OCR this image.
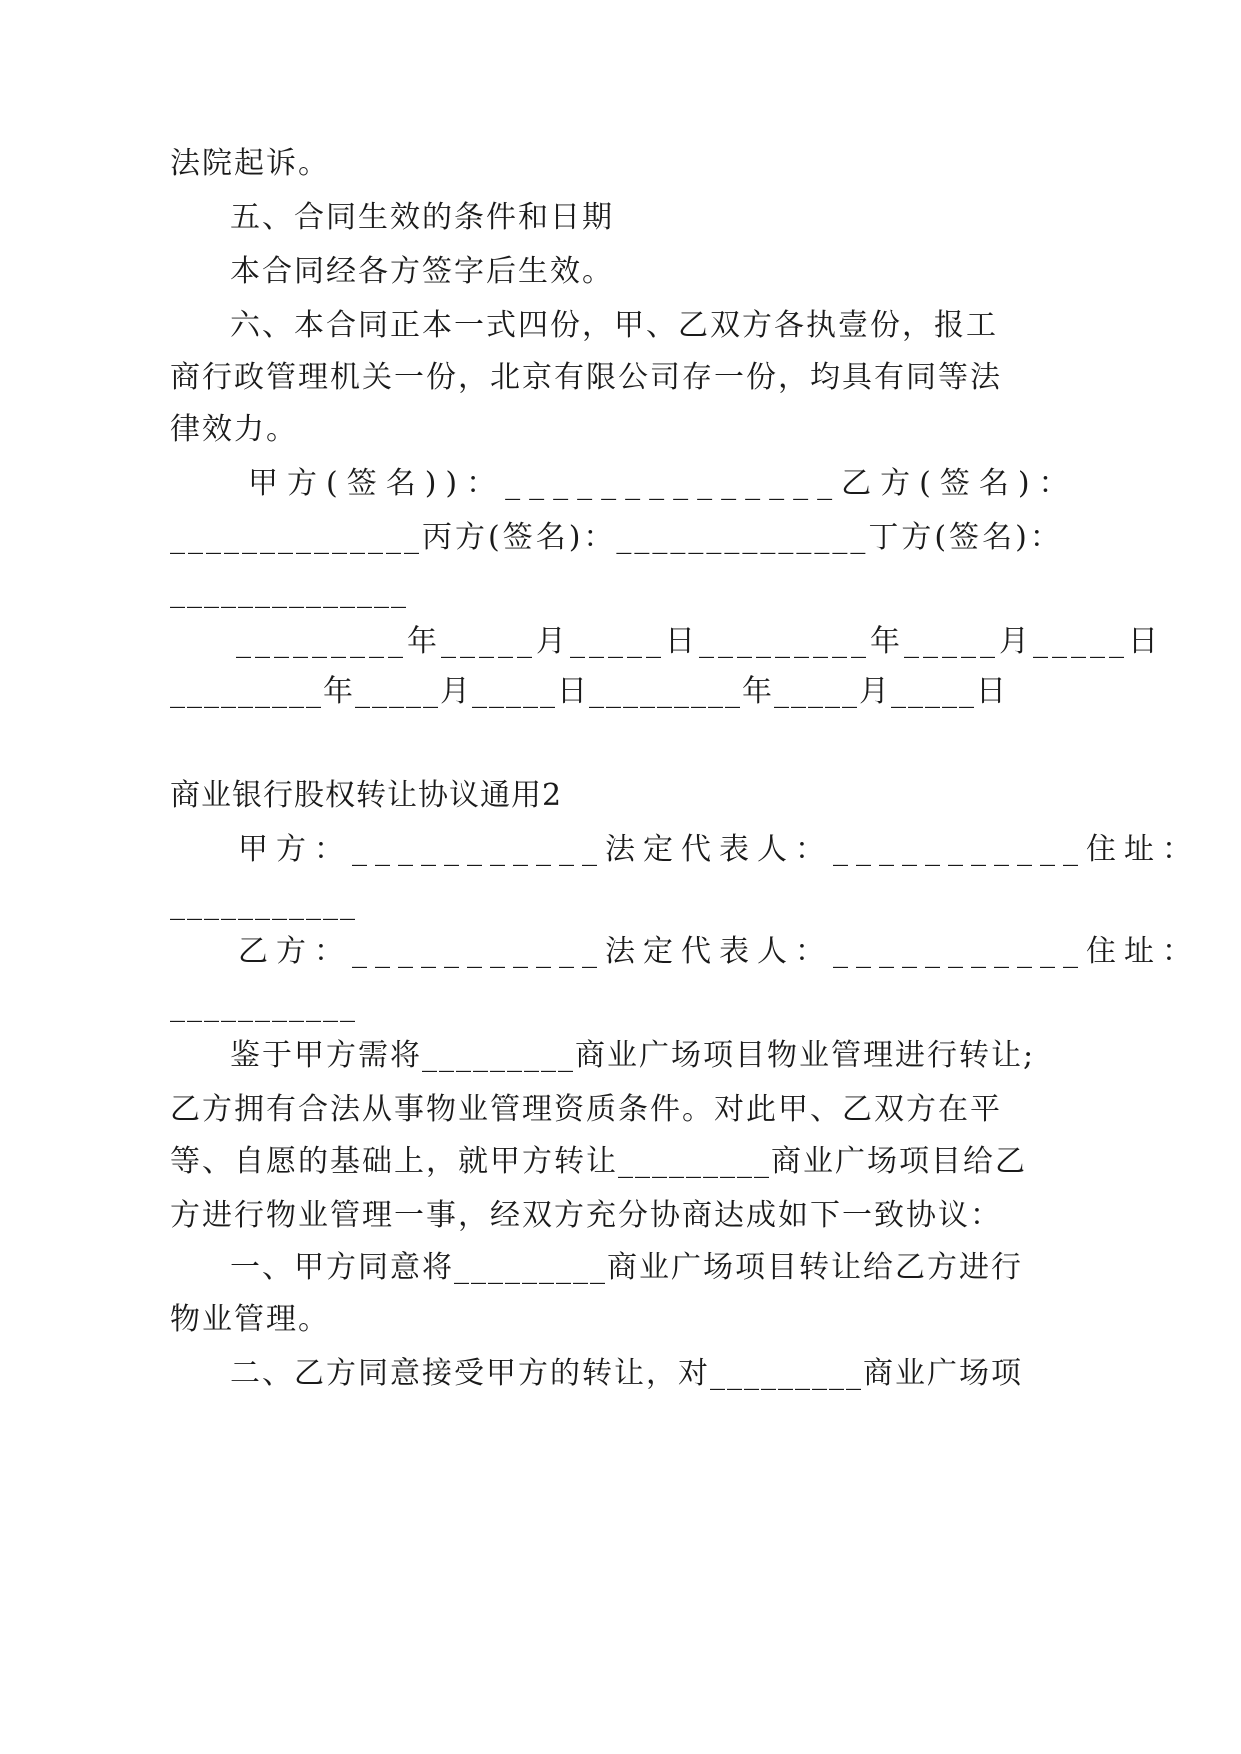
法院起诉。
五、合同生效的条件和日期
本合同经各方签字后生效。
六、本合同正本一式四份，甲、乙双方各执壹份，报工
商行政管理机关一份，北京有限公司存一份，均具有同等法
律效力。
甲方(签名))：______________乙方(签名)：
______________丙方(签名)：______________丁方(签名)：
______________
_________年_____月_____日_________年_____月_____日
_________年_____月_____日_________年_____月_____日
商业银行股权转让协议通用2
甲方：___________法定代表人：___________住址：
___________
乙方：___________法定代表人：___________住址：
___________
鉴于甲方需将_________商业广场项目物业管理进行转让;
乙方拥有合法从事物业管理资质条件。对此甲、乙双方在平
等、自愿的基础上，就甲方转让_________商业广场项目给乙
方进行物业管理一事，经双方充分协商达成如下一致协议：
一、甲方同意将_________商业广场项目转让给乙方进行
物业管理。
二、乙方同意接受甲方的转让，对_________商业广场项
